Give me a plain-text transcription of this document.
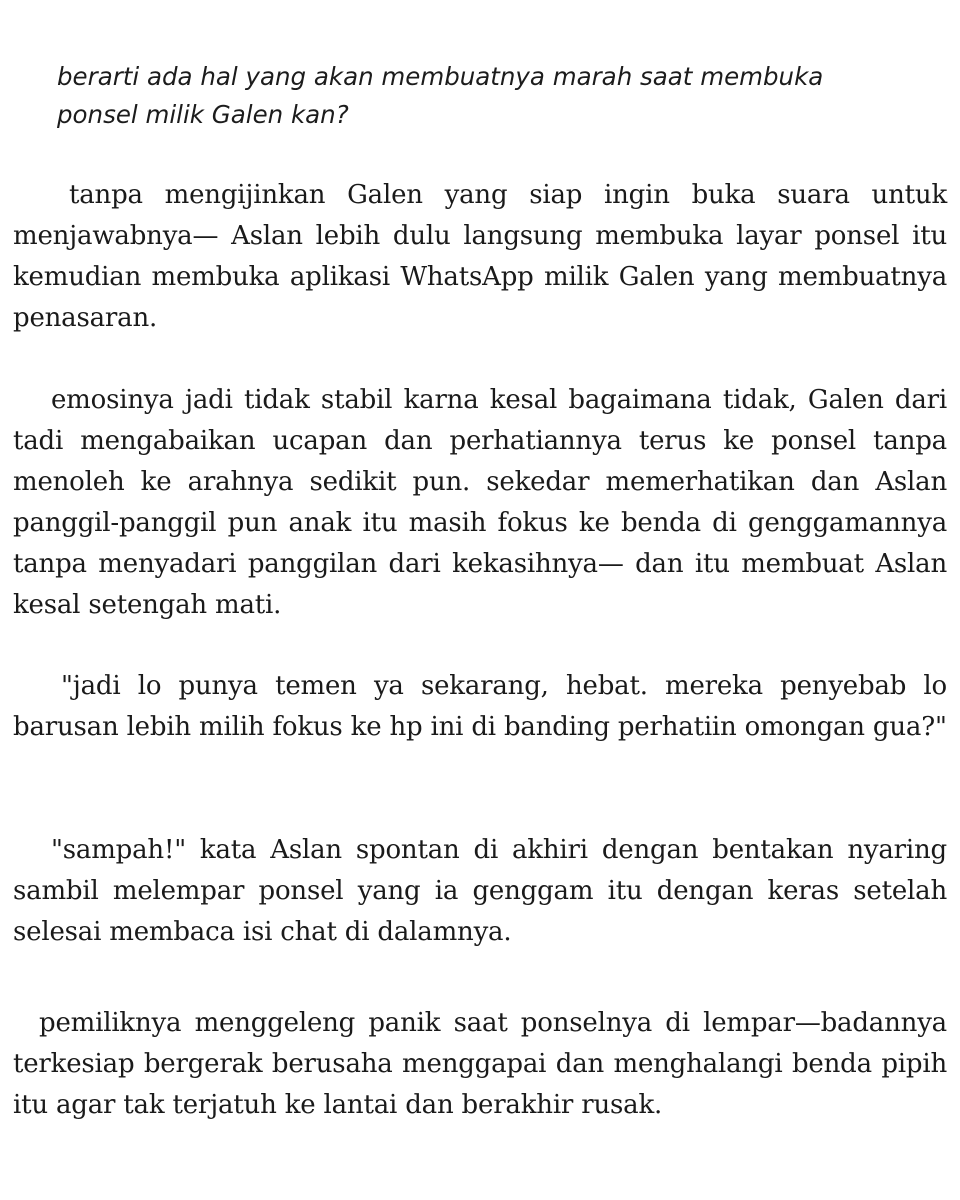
berarti ada hal yang akan membuatnya marah saat membuka ponsel milik Galen kan?

tanpa mengijinkan Galen yang siap ingin buka suara untuk menjawabnya— Aslan lebih dulu langsung membuka layar ponsel itu kemudian membuka aplikasi WhatsApp milik Galen yang membuatnya penasaran.

emosinya jadi tidak stabil karna kesal bagaimana tidak, Galen dari tadi mengabaikan ucapan dan perhatiannya terus ke ponsel tanpa menoleh ke arahnya sedikit pun. sekedar memerhatikan dan Aslan panggil-panggil pun anak itu masih fokus ke benda di genggamannya tanpa menyadari panggilan dari kekasihnya— dan itu membuat Aslan kesal setengah mati.

"jadi lo punya temen ya sekarang, hebat. mereka penyebab lo barusan lebih milih fokus ke hp ini di banding perhatiin omongan gua?"

"sampah!" kata Aslan spontan di akhiri dengan bentakan nyaring sambil melempar ponsel yang ia genggam itu dengan keras setelah selesai membaca isi chat di dalamnya.

pemiliknya menggeleng panik saat ponselnya di lempar—badannya terkesiap bergerak berusaha menggapai dan menghalangi benda pipih itu agar tak terjatuh ke lantai dan berakhir rusak.
